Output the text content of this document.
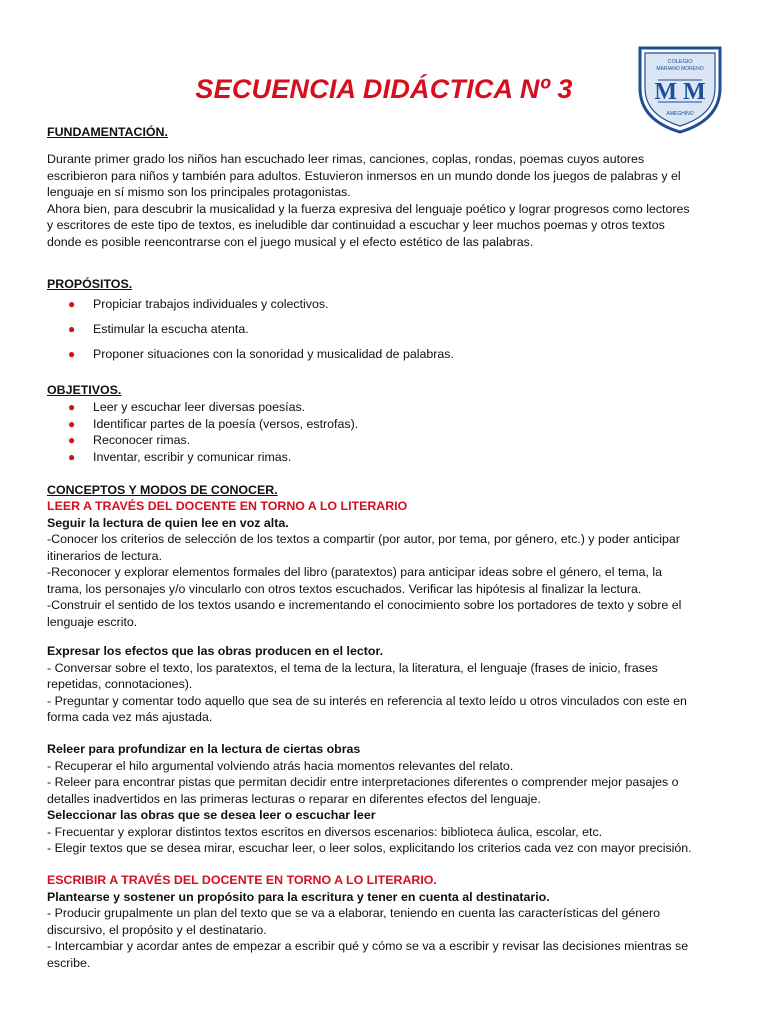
SECUENCIA DIDÁCTICA Nº 3
COLEGIO
MARIANO MORENO
M M
AMEGHINO
FUNDAMENTACIÓN.

Durante primer grado los niños han escuchado leer rimas, canciones, coplas, rondas, poemas cuyos autores

escribieron para niños y también para adultos. Estuvieron inmersos en un mundo donde los juegos de palabras y el

lenguaje en sí mismo son los principales protagonistas.

Ahora bien, para descubrir la musicalidad y la fuerza expresiva del lenguaje poético y lograr progresos como lectores

y escritores de este tipo de textos, es ineludible dar continuidad a escuchar y leer muchos poemas y otros textos

donde es posible reencontrarse con el juego musical y el efecto estético de las palabras.

PROPÓSITOS.
● Propiciar trabajos individuales y colectivos.
● Estimular la escucha atenta.
● Proponer situaciones con la sonoridad y musicalidad de palabras.
OBJETIVOS.
● Leer y escuchar leer diversas poesías.
● Identificar partes de la poesía (versos, estrofas).
● Reconocer rimas.
● Inventar, escribir y comunicar rimas.
CONCEPTOS Y MODOS DE CONOCER.

LEER A TRAVÉS DEL DOCENTE EN TORNO A LO LITERARIO

Seguir la lectura de quien lee en voz alta.

-Conocer los criterios de selección de los textos a compartir (por autor, por tema, por género, etc.) y poder anticipar

itinerarios de lectura.

-Reconocer y explorar elementos formales del libro (paratextos) para anticipar ideas sobre el género, el tema, la

trama, los personajes y/o vincularlo con otros textos escuchados. Verificar las hipótesis al finalizar la lectura.

-Construir el sentido de los textos usando e incrementando el conocimiento sobre los portadores de texto y sobre el

lenguaje escrito.

Expresar los efectos que las obras producen en el lector.

- Conversar sobre el texto, los paratextos, el tema de la lectura, la literatura, el lenguaje (frases de inicio, frases

repetidas, connotaciones).

- Preguntar y comentar todo aquello que sea de su interés en referencia al texto leído u otros vinculados con este en

forma cada vez más ajustada.

Releer para profundizar en la lectura de ciertas obras

- Recuperar el hilo argumental volviendo atrás hacia momentos relevantes del relato.

- Releer para encontrar pistas que permitan decidir entre interpretaciones diferentes o comprender mejor pasajes o

detalles inadvertidos en las primeras lecturas o reparar en diferentes efectos del lenguaje.

Seleccionar las obras que se desea leer o escuchar leer

- Frecuentar y explorar distintos textos escritos en diversos escenarios: biblioteca áulica, escolar, etc.

- Elegir textos que se desea mirar, escuchar leer, o leer solos, explicitando los criterios cada vez con mayor precisión.

ESCRIBIR A TRAVÉS DEL DOCENTE EN TORNO A LO LITERARIO.

Plantearse y sostener un propósito para la escritura y tener en cuenta al destinatario.

- Producir grupalmente un plan del texto que se va a elaborar, teniendo en cuenta las características del género

discursivo, el propósito y el destinatario.

- Intercambiar y acordar antes de empezar a escribir qué y cómo se va a escribir y revisar las decisiones mientras se

escribe.
